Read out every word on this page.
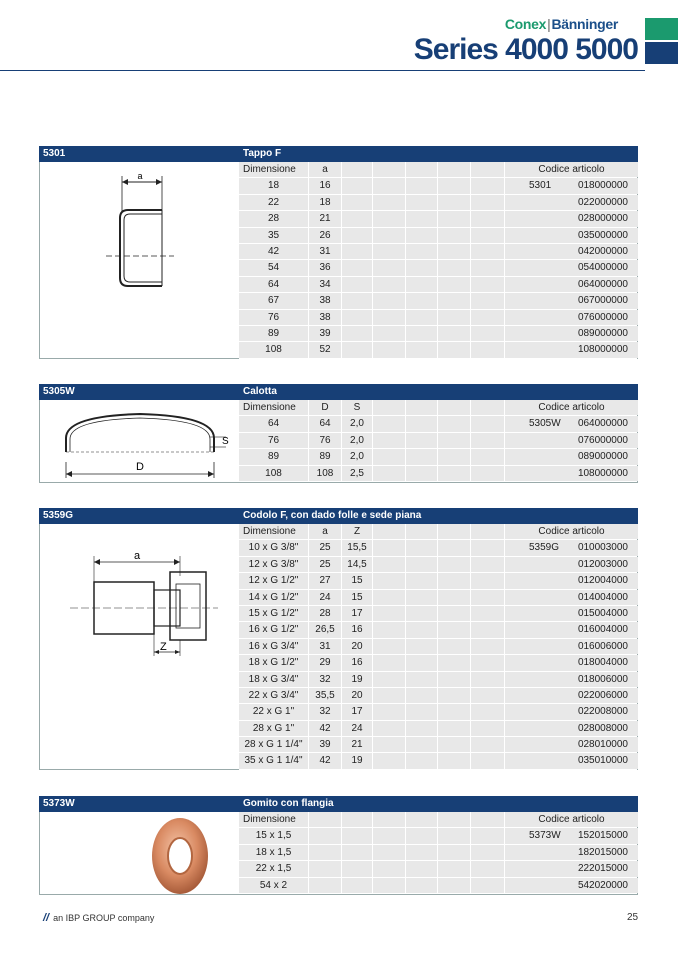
Conex|Bänninger
Series 4000 5000
5301	Tappo F
a
Dimensione	a	Codice articolo
18	16	5301	018000000
22	18	022000000
28	21	028000000
35	26	035000000
42	31	042000000
54	36	054000000
64	34	064000000
67	38	067000000
76	38	076000000
89	39	089000000
108	52	108000000
5305W	Calotta
D
S
Dimensione	D	S	Codice articolo
64	64	2,0	5305W 064000000
76	76	2,0	076000000
89	89	2,0	089000000
108	108	2,5	108000000
5359G	Codolo F, con dado folle e sede piana
a
Z
Dimensione	a	Z	Codice articolo
10 x G 3/8"	25	15,5	5359G 010003000
12 x G 3/8"	25	14,5	012003000
12 x G 1/2"	27	15	012004000
14 x G 1/2"	24	15	014004000
15 x G 1/2"	28	17	015004000
16 x G 1/2"	26,5	16	016004000
16 x G 3/4"	31	20	016006000
18 x G 1/2"	29	16	018004000
18 x G 3/4"	32	19	018006000
22 x G 3/4"	35,5	20	022006000
22 x G 1"	32	17	022008000
28 x G 1"	42	24	028008000
28 x G 1 1/4"	39	21	028010000
35 x G 1 1/4"	42	19	035010000
5373W	Gomito con flangia
Dimensione	Codice articolo
15 x 1,5	5373W 152015000
18 x 1,5	182015000
22 x 1,5	222015000
54 x 2	542020000
// an IBP GROUP company	25
